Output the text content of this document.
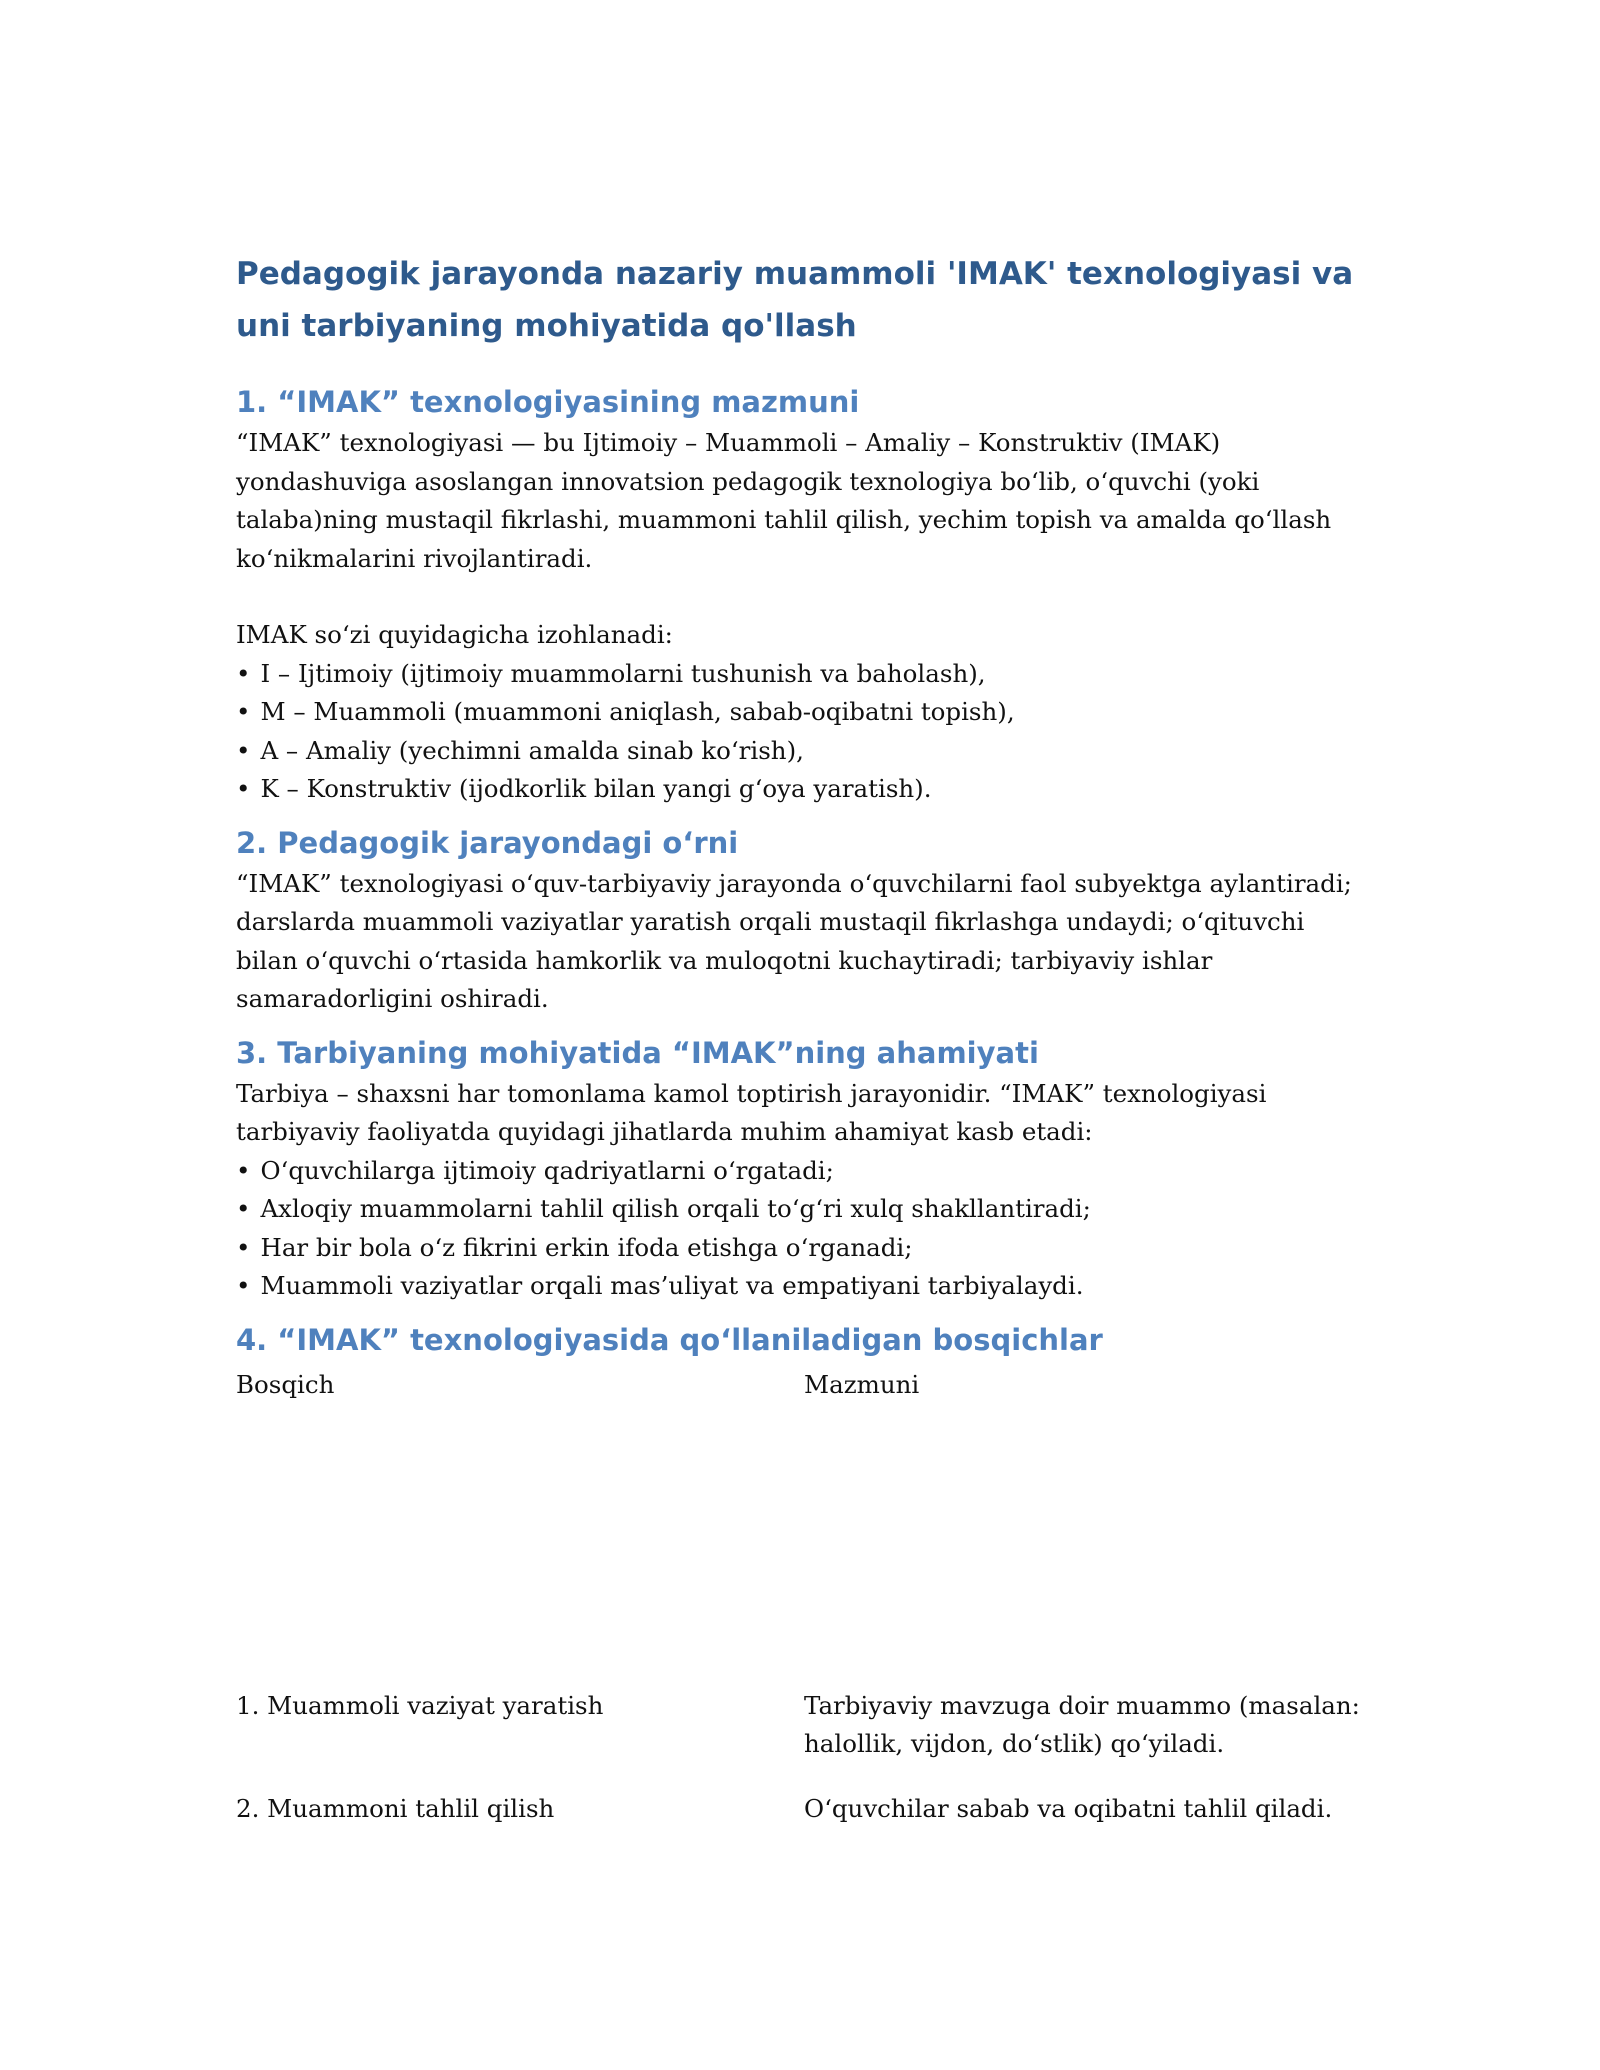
Pedagogik jarayonda nazariy muammoli 'IMAK' texnologiyasi va uni tarbiyaning mohiyatida qo'llash
1. “IMAK” texnologiyasining mazmuni

“IMAK” texnologiyasi — bu Ijtimoiy – Muammoli – Amaliy – Konstruktiv (IMAK) yondashuviga asoslangan innovatsion pedagogik texnologiya bo‘lib, o‘quvchi (yoki talaba)ning mustaqil fikrlashi, muammoni tahlil qilish, yechim topish va amalda qo‘llash ko‘nikmalarini rivojlantiradi.

IMAK so‘zi quyidagicha izohlanadi:

• I – Ijtimoiy (ijtimoiy muammolarni tushunish va baholash),
• M – Muammoli (muammoni aniqlash, sabab-oqibatni topish),
• A – Amaliy (yechimni amalda sinab ko‘rish),
• K – Konstruktiv (ijodkorlik bilan yangi g‘oya yaratish).
2. Pedagogik jarayondagi o‘rni

“IMAK” texnologiyasi o‘quv-tarbiyaviy jarayonda o‘quvchilarni faol subyektga aylantiradi; darslarda muammoli vaziyatlar yaratish orqali mustaqil fikrlashga undaydi; o‘qituvchi bilan o‘quvchi o‘rtasida hamkorlik va muloqotni kuchaytiradi; tarbiyaviy ishlar samaradorligini oshiradi.

3. Tarbiyaning mohiyatida “IMAK”ning ahamiyati

Tarbiya – shaxsni har tomonlama kamol toptirish jarayonidir. “IMAK” texnologiyasi tarbiyaviy faoliyatda quyidagi jihatlarda muhim ahamiyat kasb etadi:

• O‘quvchilarga ijtimoiy qadriyatlarni o‘rgatadi;
• Axloqiy muammolarni tahlil qilish orqali to‘g‘ri xulq shakllantiradi;
• Har bir bola o‘z fikrini erkin ifoda etishga o‘rganadi;
• Muammoli vaziyatlar orqali mas’uliyat va empatiyani tarbiyalaydi.
4. “IMAK” texnologiyasida qo‘llaniladigan bosqichlar
Bosqich	Mazmuni
1. Muammoli vaziyat yaratish	Tarbiyaviy mavzuga doir muammo (masalan: halollik, vijdon, do‘stlik) qo‘yiladi.
2. Muammoni tahlil qilish	O‘quvchilar sabab va oqibatni tahlil qiladi.
